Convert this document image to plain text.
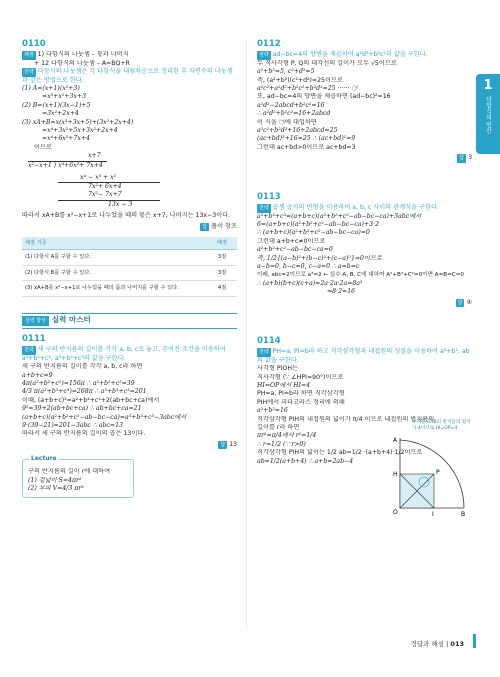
0110
채점 1) 다항식의 나눗셈 – 몫과 나머지
+ 12 다항식의 나눗셈 – A=BQ+R
전략 다항식의 나눗셈은 각 다항식을 내림차순으로 정리한 후 자연수의 나눗셈과 같은 방법으로 한다.
(1) A=(x+1)(x²+3)
=x³+x²+3x+3
(2) B=(x+1)(3x−1)+5
=3x²+2x+4
(3) xA+B=x(x³+3x+5)+(3x²+2x+4)
=x⁴+3x²+5x+3x²+2x+4
=x⁴+6x²+7x+4
이므로
x+7
x²−x+1 ) x⁴+6x²+ 7x+4
x⁴ − x³ + x²
7x²+ 6x+4
7x²− 7x+7
13x − 3
따라서 xA+B를 x²−x+1로 나누었을 때의 몫은 x+7, 나머지는 13x−3이다.
답 풀이 참조
채점 기준	배점
(1) 다항식 A를 구할 수 있다.	3점
(2) 다항식 B를 구할 수 있다.	3점
(3) xA+B를 x²−x+1로 나누었을 때의 몫과 나머지를 구할 수 있다.	4점
실력 향상 실력 마스터
0111
전략 세 구의 반지름의 길이를 각각 a, b, c로 놓고, 주어진 조건을 이용하여 a²+b²+c², a³+b³+c³의 값을 구한다.
세 구의 반지름의 길이를 각각 a, b, c라 하면
a+b+c=9
4π(a²+b²+c²)=156π ∴ a²+b²+c²=39
4/3 π(a³+b³+c³)=268π ∴ a³+b³+c³=201
이때, (a+b+c)²=a²+b²+c²+2(ab+bc+ca)에서
9²=39+2(ab+bc+ca) ∴ ab+bc+ca=21
(a+b+c)(a²+b²+c²−ab−bc−ca)=a³+b³+c³−3abc에서
9·(39−21)=201−3abc ∴ abc=13
따라서 세 구의 반지름의 길이의 곱은 13이다.
답 13
Lecture
구의 반지름의 길이 r에 대하여
(1) 겉넓이 S=4πr²
(2) 부피 V=4/3 πr³
0112
전략 ad−bc=4의 양변을 제곱하여 a²d²+b²c²의 값을 구한다.
두 직사각형 P, Q의 대각선의 길이가 모두 √5이므로
a²+b²=5, c²+d²=5
즉, (a²+b²)(c²+d²)=25이므로
a²c²+a²d²+b²c²+b²d²=25 ······ ㉠
또, ad−bc=4의 양변을 제곱하면 (ad−bc)²=16
a²d²−2abcd+b²c²=16
∴ a²d²+b²c²=16+2abcd
이 식을 ㉠에 대입하면
a²c²+b²d²+16+2abcd=25
(ac+bd)²+16=25 ∴ (ac+bd)²=9
그런데 ac+bd>0이므로 ac+bd=3
답 3
0113
전략 곱셈 공식의 변형을 이용하여 a, b, c 사이의 관계식을 구한다.
a³+b³+c³=(a+b+c)(a²+b²+c²−ab−bc−ca)+3abc에서
6=(a+b+c)(a²+b²+c²−ab−bc−ca)+3·2
∴ (a+b+c)(a²+b²+c²−ab−bc−ca)=0
그런데 a+b+c≠0이므로
a²+b²+c²−ab−bc−ca=0
즉, 1/2{(a−b)²+(b−c)²+(c−a)²}=0이므로
a−b=0, b−c=0, c−a=0 ∴ a=b=c
이때, abc=2이므로 a³=2 ← 실수 A, B, C에 대하여 A²+B²+C²=0이면 A=B=C=0
∴ (a+b)(b+c)(c+a)=2a·2a·2a=8a³
=8·2=16
답 ④
0114
전략 PH=a, PI=b라 하고 직각삼각형과 내접원의 성질을 이용하여 a²+b², ab의 값을 구한다.
사각형 PIOH는
직사각형 (∵ ∠HPI=90°)이므로
HI=OP에서 HI=4
PH=a, PI=b라 하면 직각삼각형
PIH에서 피타고라스 정리에 의해
a²+b²=16
직각삼각형 PIH의 내접원의 넓이가 π/4 이므로 내접원의 반지름의
길이를 r라 하면
πr²=π/4에서 r²=1/4
∴ r=1/2 (∵ r>0)
직각삼각형 PIH의 넓이는 1/2 ab=1/2 ·(a+b+4)·1/2이므로
ab=1/2(a+b+4) ∴ a+b=2ab−4
O
A
B
P
H
I
부채꼴 OAB의 반지름의 길이가 4이므로 HI=OP=4
1
다항식의 연산
정답과 해설 | 013
